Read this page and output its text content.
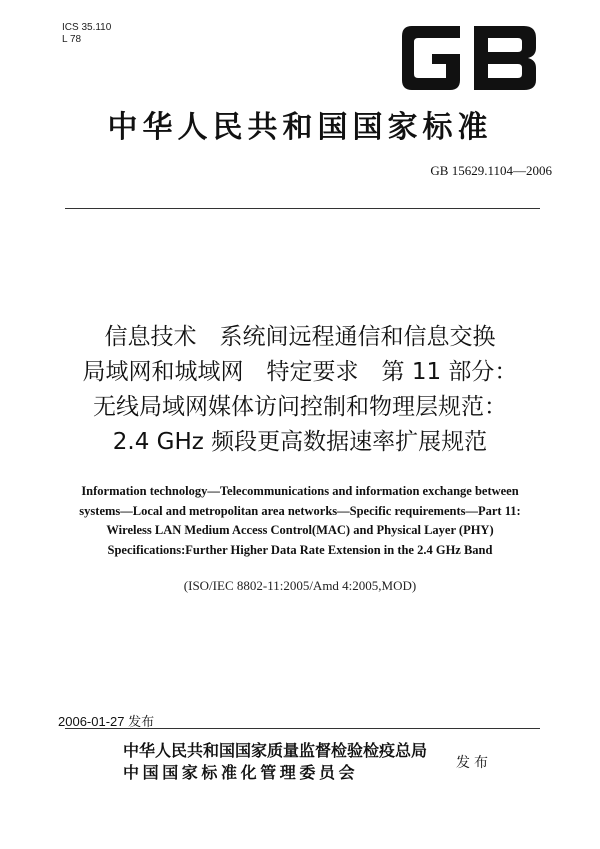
ICS 35.110
L 78
中华人民共和国国家标准
GB 15629.1104—2006
信息技术　系统间远程通信和信息交换
局域网和城域网　特定要求　第 11 部分：
无线局域网媒体访问控制和物理层规范：
2.4 GHz 频段更高数据速率扩展规范
Information technology—Telecommunications and information exchange between
systems—Local and metropolitan area networks—Specific requirements—Part 11:
Wireless LAN Medium Access Control(MAC) and Physical Layer (PHY)
Specifications:Further Higher Data Rate Extension in the 2.4 GHz Band
(ISO/IEC 8802-11:2005/Amd 4:2005,MOD)
2006-01-27 发布
中华人民共和国国家质量监督检验检疫总局
中国国家标准化管理委员会	发布
